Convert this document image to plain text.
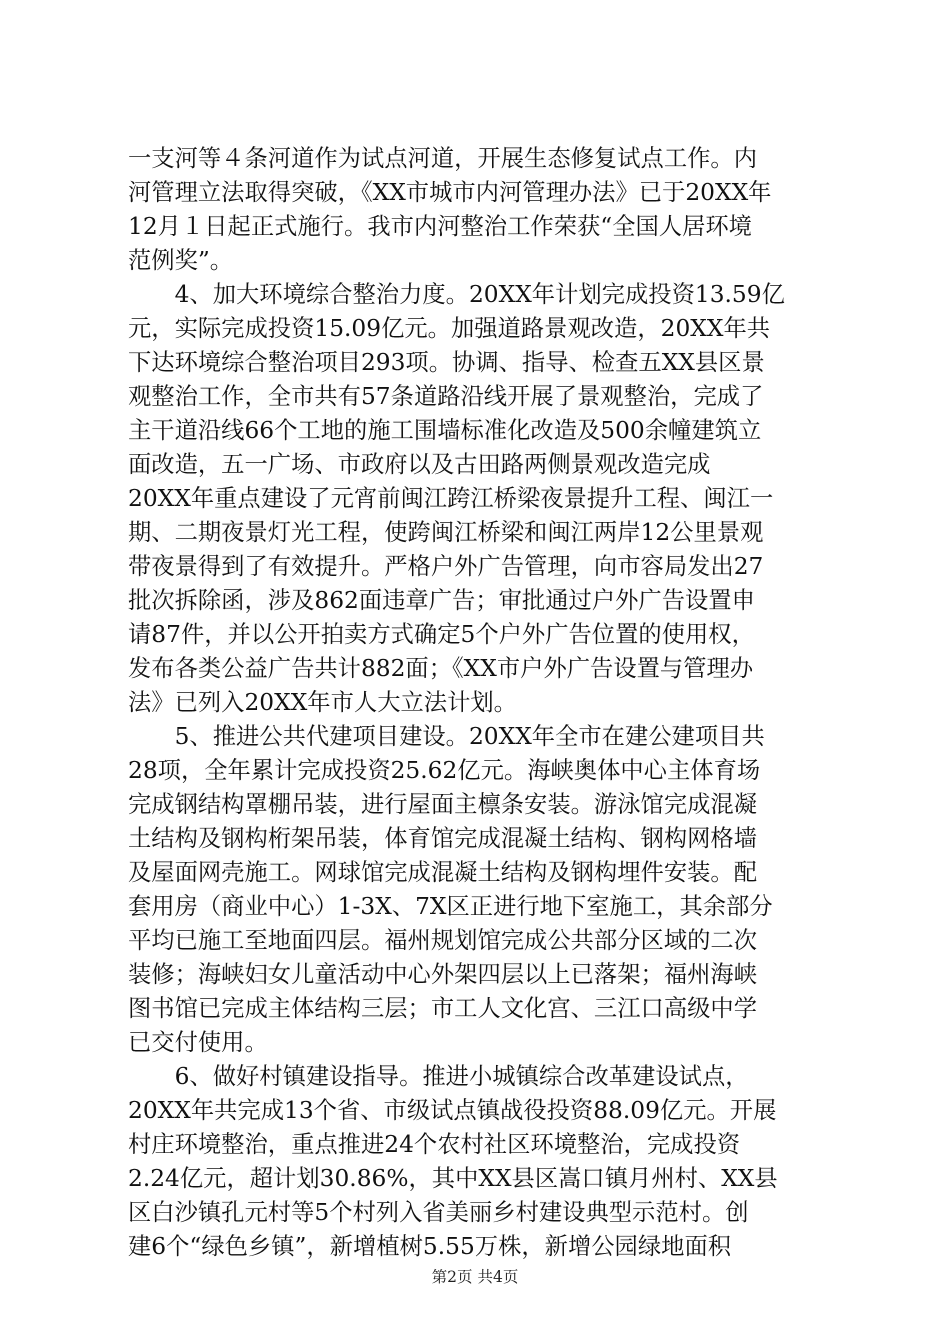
一支河等４条河道作为试点河道，开展生态修复试点工作。内
河管理立法取得突破，《XX市城市内河管理办法》已于20XX年
12月１日起正式施行。我市内河整治工作荣获“全国人居环境
范例奖”。
　　4、加大环境综合整治力度。20XX年计划完成投资13.59亿
元，实际完成投资15.09亿元。加强道路景观改造，20XX年共
下达环境综合整治项目293项。协调、指导、检查五XX县区景
观整治工作，全市共有57条道路沿线开展了景观整治，完成了
主干道沿线66个工地的施工围墙标准化改造及500余幢建筑立
面改造，五一广场、市政府以及古田路两侧景观改造完成
20XX年重点建设了元宵前闽江跨江桥梁夜景提升工程、闽江一
期、二期夜景灯光工程，使跨闽江桥梁和闽江两岸12公里景观
带夜景得到了有效提升。严格户外广告管理，向市容局发出27
批次拆除函，涉及862面违章广告；审批通过户外广告设置申
请87件，并以公开拍卖方式确定5个户外广告位置的使用权，
发布各类公益广告共计882面；《XX市户外广告设置与管理办
法》已列入20XX年市人大立法计划。
　　5、推进公共代建项目建设。20XX年全市在建公建项目共
28项，全年累计完成投资25.62亿元。海峡奥体中心主体育场
完成钢结构罩棚吊装，进行屋面主檩条安装。游泳馆完成混凝
土结构及钢构桁架吊装，体育馆完成混凝土结构、钢构网格墙
及屋面网壳施工。网球馆完成混凝土结构及钢构埋件安装。配
套用房（商业中心）1-3X、7X区正进行地下室施工，其余部分
平均已施工至地面四层。福州规划馆完成公共部分区域的二次
装修；海峡妇女儿童活动中心外架四层以上已落架；福州海峡
图书馆已完成主体结构三层；市工人文化宫、三江口高级中学
已交付使用。
　　6、做好村镇建设指导。推进小城镇综合改革建设试点，
20XX年共完成13个省、市级试点镇战役投资88.09亿元。开展
村庄环境整治，重点推进24个农村社区环境整治，完成投资
2.24亿元，超计划30.86%，其中XX县区嵩口镇月州村、XX县
区白沙镇孔元村等5个村列入省美丽乡村建设典型示范村。创
建6个“绿色乡镇”，新增植树5.55万株，新增公园绿地面积
第2页 共4页
